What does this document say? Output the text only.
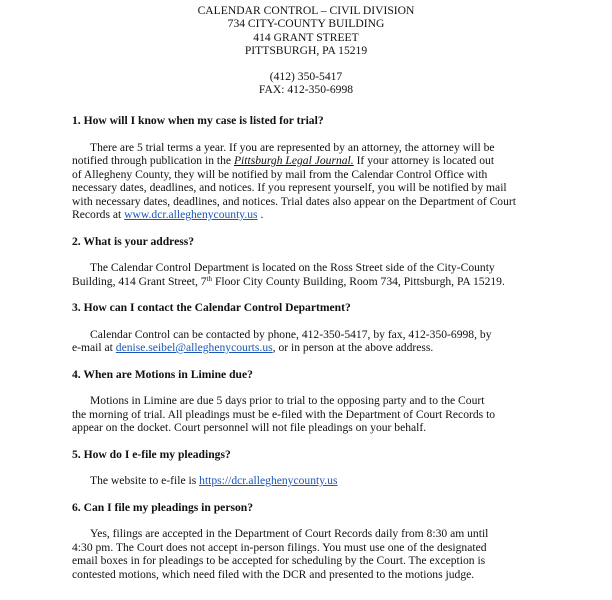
CALENDAR CONTROL – CIVIL DIVISION
734 CITY-COUNTY BUILDING
414 GRANT STREET
PITTSBURGH, PA 15219
(412) 350-5417
FAX: 412-350-6998
1. How will I know when my case is listed for trial?
There are 5 trial terms a year. If you are represented by an attorney, the attorney will be
notified through publication in the Pittsburgh Legal Journal. If your attorney is located out
of Allegheny County, they will be notified by mail from the Calendar Control Office with
necessary dates, deadlines, and notices. If you represent yourself, you will be notified by mail
with necessary dates, deadlines, and notices. Trial dates also appear on the Department of Court
Records at www.dcr.alleghenycounty.us .
2. What is your address?
The Calendar Control Department is located on the Ross Street side of the City-County
Building, 414 Grant Street, 7th Floor City County Building, Room 734, Pittsburgh, PA 15219.
3. How can I contact the Calendar Control Department?
Calendar Control can be contacted by phone, 412-350-5417, by fax, 412-350-6998, by
e-mail at denise.seibel@alleghenycourts.us, or in person at the above address.
4. When are Motions in Limine due?
Motions in Limine are due 5 days prior to trial to the opposing party and to the Court
the morning of trial. All pleadings must be e-filed with the Department of Court Records to
appear on the docket. Court personnel will not file pleadings on your behalf.
5. How do I e-file my pleadings?
The website to e-file is https://dcr.alleghenycounty.us
6. Can I file my pleadings in person?
Yes, filings are accepted in the Department of Court Records daily from 8:30 am until
4:30 pm. The Court does not accept in-person filings. You must use one of the designated
email boxes in for pleadings to be accepted for scheduling by the Court. The exception is
contested motions, which need filed with the DCR and presented to the motions judge.
